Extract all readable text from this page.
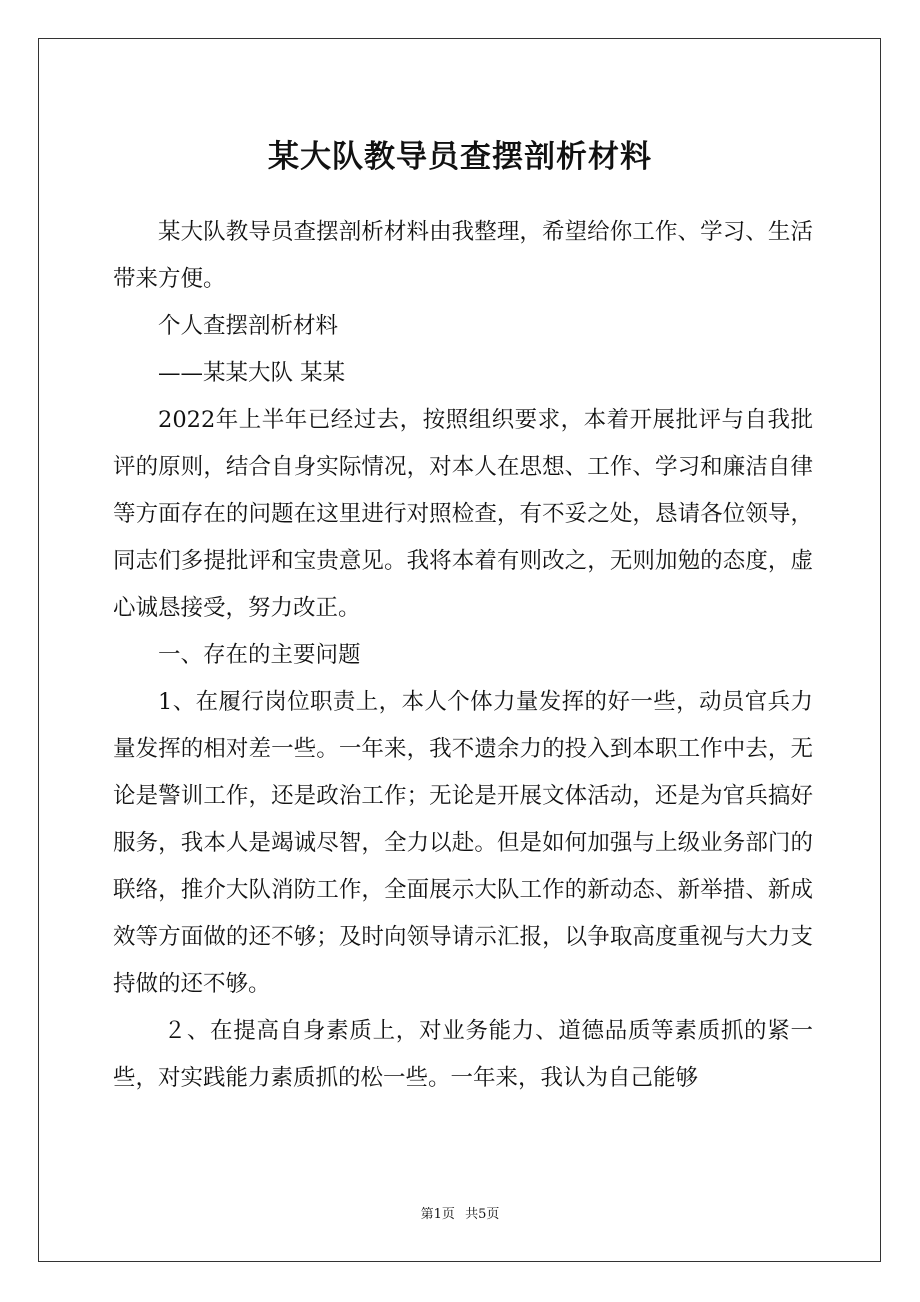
某大队教导员查摆剖析材料

某大队教导员查摆剖析材料由我整理，希望给你工作、学习、生活带来方便。

个人查摆剖析材料

——某某大队 某某

2022年上半年已经过去，按照组织要求，本着开展批评与自我批评的原则，结合自身实际情况，对本人在思想、工作、学习和廉洁自律等方面存在的问题在这里进行对照检查，有不妥之处，恳请各位领导，同志们多提批评和宝贵意见。我将本着有则改之，无则加勉的态度，虚心诚恳接受，努力改正。

一、存在的主要问题

1、在履行岗位职责上，本人个体力量发挥的好一些，动员官兵力量发挥的相对差一些。一年来，我不遗余力的投入到本职工作中去，无论是警训工作，还是政治工作；无论是开展文体活动，还是为官兵搞好服务，我本人是竭诚尽智，全力以赴。但是如何加强与上级业务部门的联络，推介大队消防工作，全面展示大队工作的新动态、新举措、新成效等方面做的还不够；及时向领导请示汇报，以争取高度重视与大力支持做的还不够。

２、在提高自身素质上，对业务能力、道德品质等素质抓的紧一些，对实践能力素质抓的松一些。一年来，我认为自己能够

第1页 共5页
